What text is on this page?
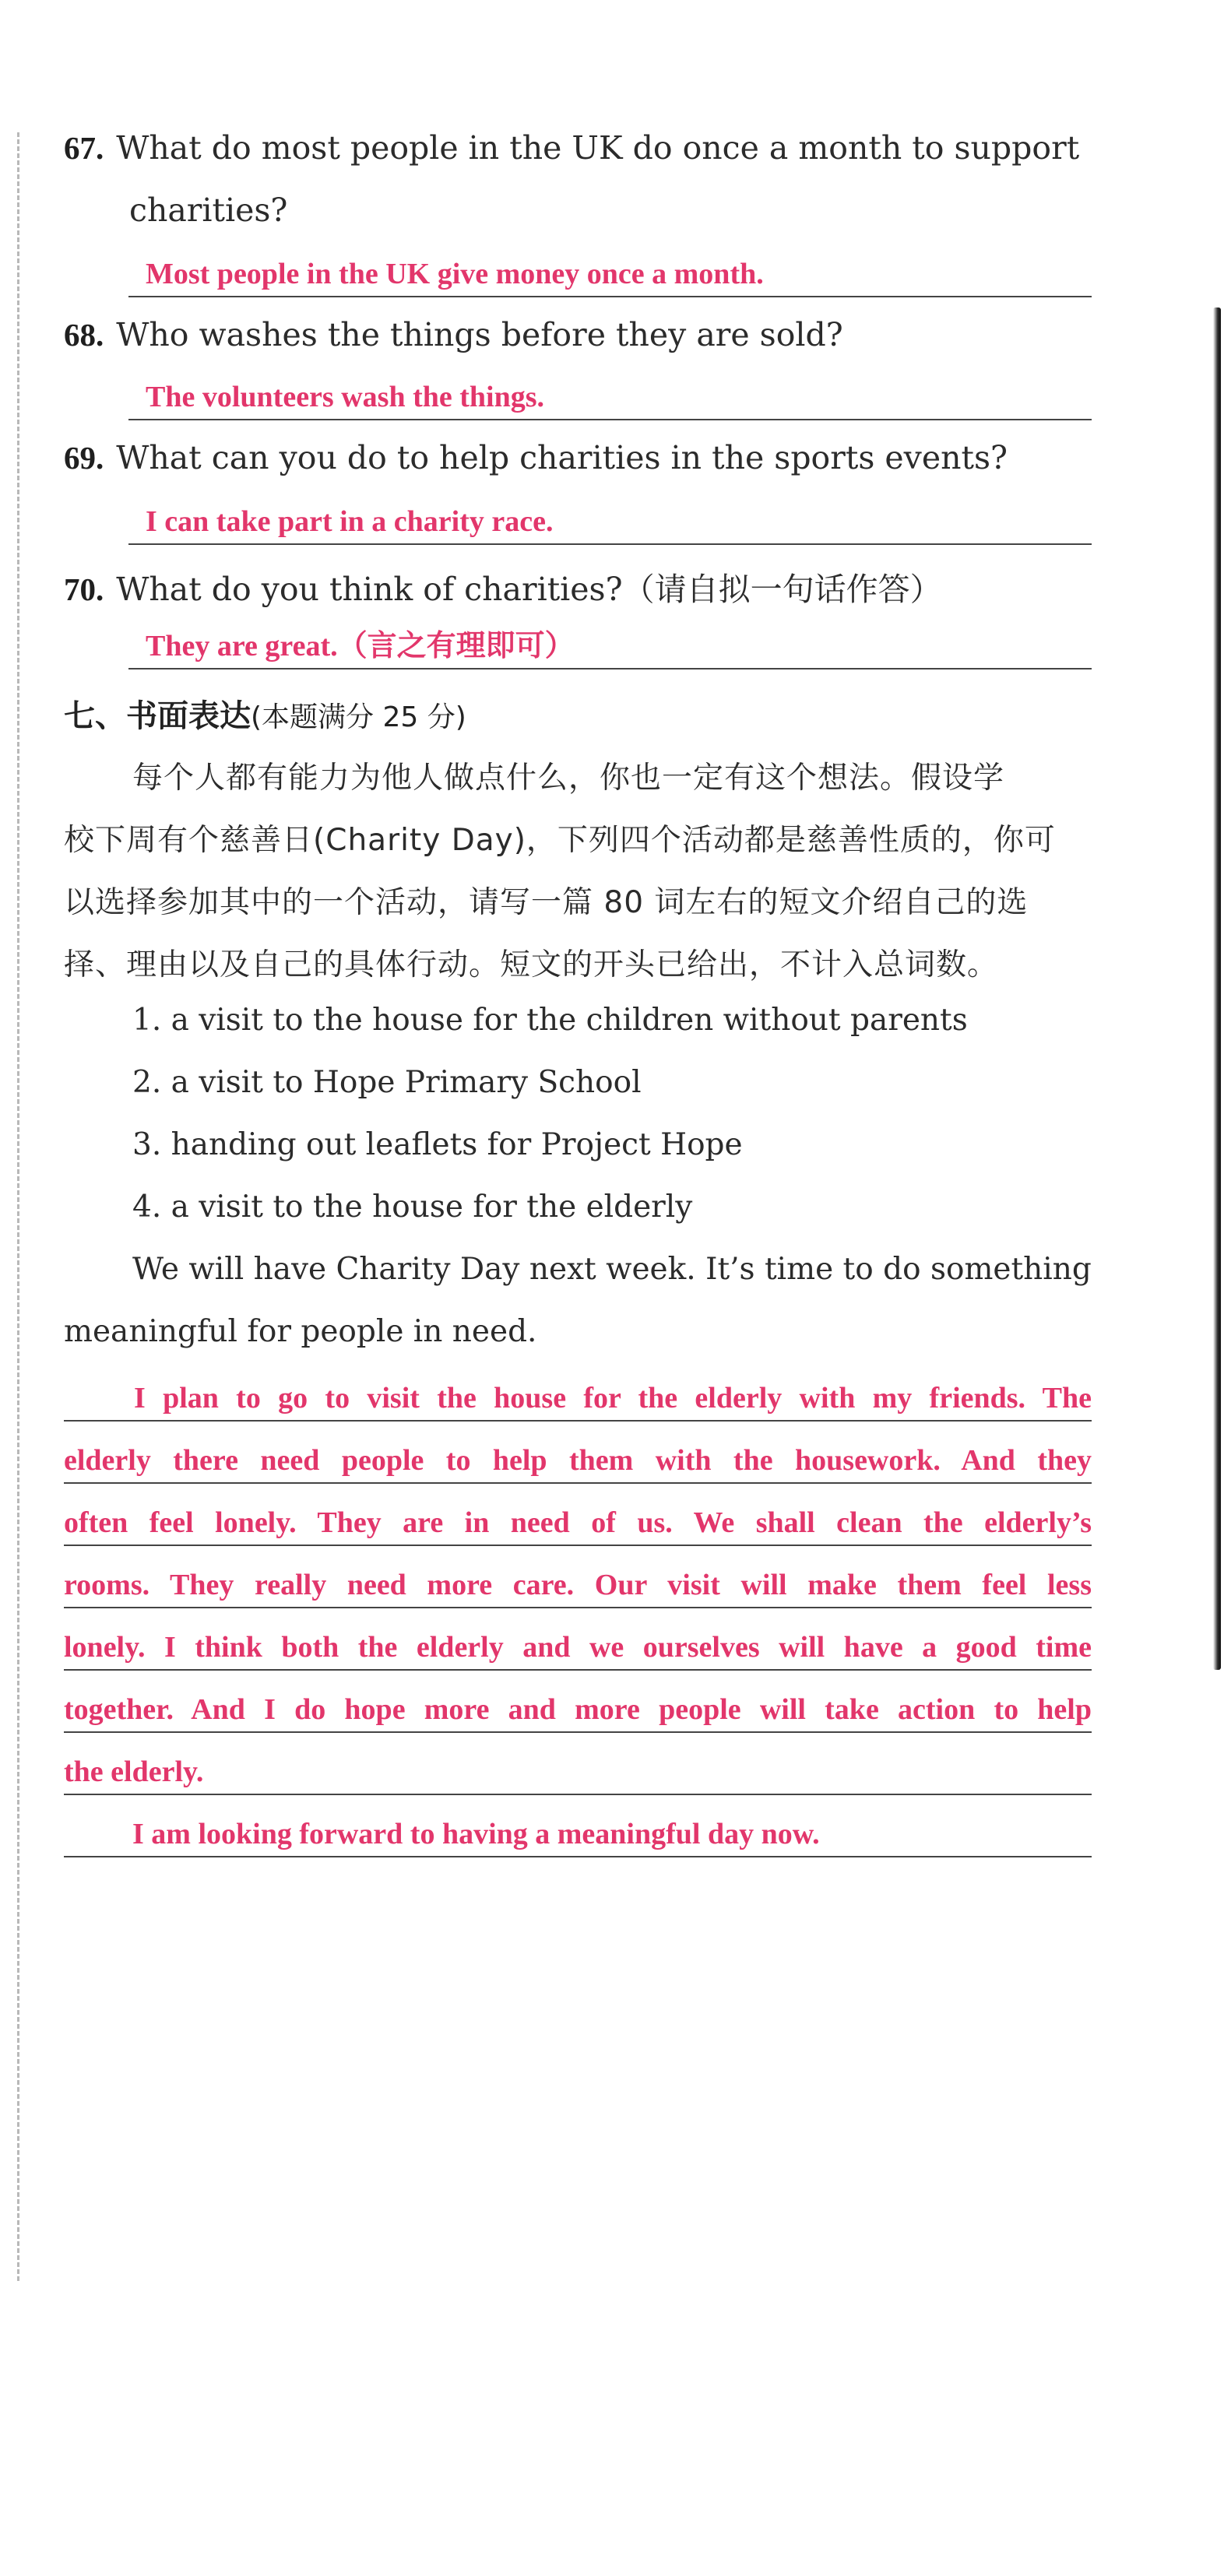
67. What do most people in the UK do once a month to support
charities?
Most people in the UK give money once a month.
68. Who washes the things before they are sold?
The volunteers wash the things.
69. What can you do to help charities in the sports events?
I can take part in a charity race.
70. What do you think of charities?（请自拟一句话作答）
They are great.（言之有理即可）
七、书面表达(本题满分 25 分)
每个人都有能力为他人做点什么，你也一定有这个想法。假设学
校下周有个慈善日(Charity Day)，下列四个活动都是慈善性质的，你可
以选择参加其中的一个活动，请写一篇 80 词左右的短文介绍自己的选
择、理由以及自己的具体行动。短文的开头已给出，不计入总词数。
1. a visit to the house for the children without parents
2. a visit to Hope Primary School
3. handing out leaflets for Project Hope
4. a visit to the house for the elderly
We will have Charity Day next week. It’s time to do something
meaningful for people in need.
I plan to go to visit the house for the elderly with my friends. The
elderly there need people to help them with the housework. And they
often feel lonely. They are in need of us. We shall clean the elderly’s
rooms. They really need more care. Our visit will make them feel less
lonely. I think both the elderly and we ourselves will have a good time
together. And I do hope more and more people will take action to help
the elderly.
I am looking forward to having a meaningful day now.
